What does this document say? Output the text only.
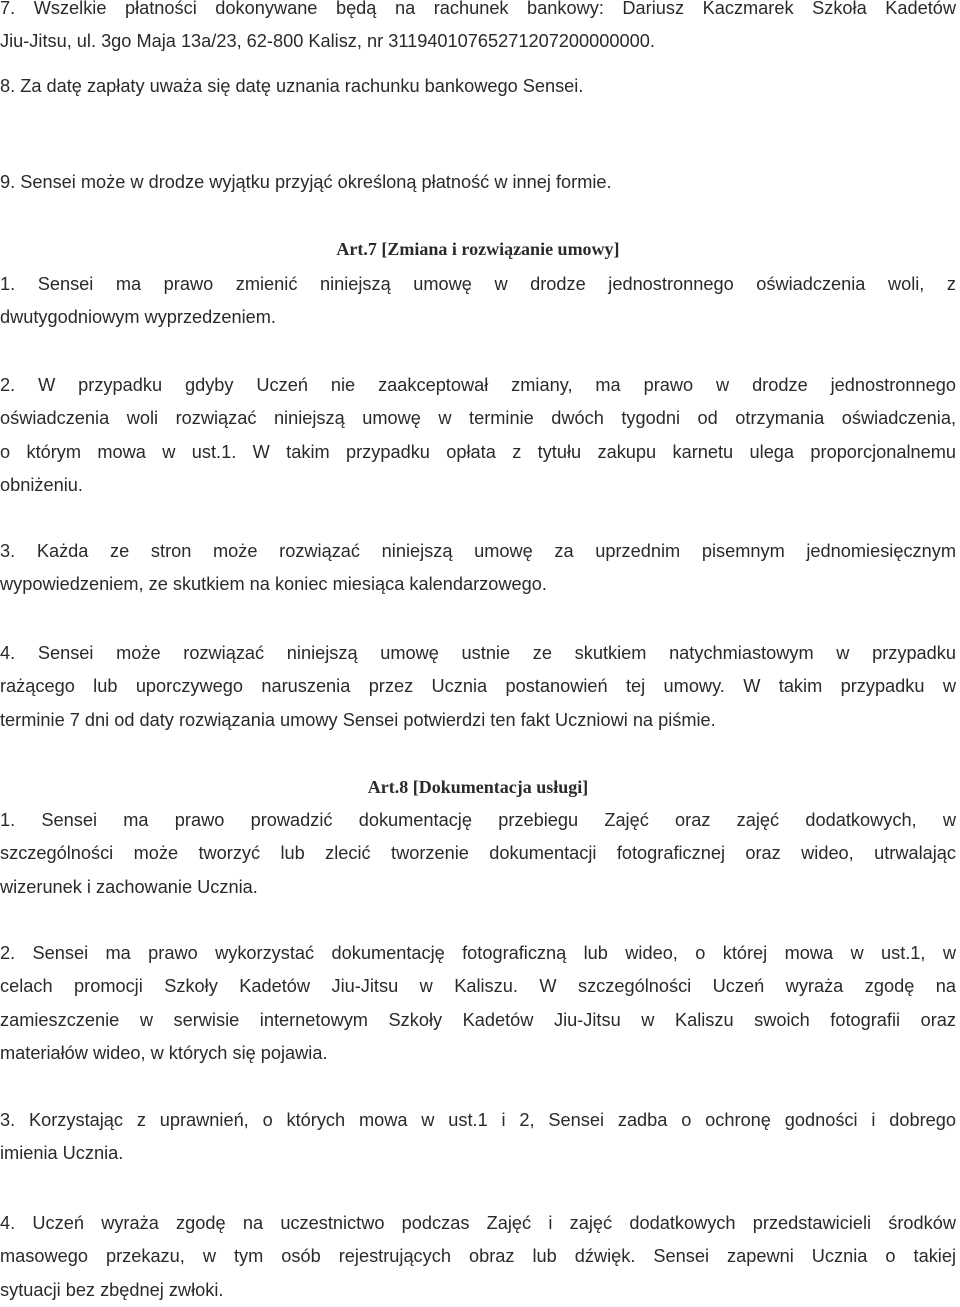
7. Wszelkie płatności dokonywane będą na rachunek bankowy: Dariusz Kaczmarek Szkoła Kadetów
Jiu-Jitsu, ul. 3go Maja 13a/23, 62-800 Kalisz, nr 31194010765271207200000000.
8. Za datę zapłaty uważa się datę uznania rachunku bankowego Sensei.
9. Sensei może w drodze wyjątku przyjąć określoną płatność w innej formie.
Art.7 [Zmiana i rozwiązanie umowy]
1. Sensei ma prawo zmienić niniejszą umowę w drodze jednostronnego oświadczenia woli, z
dwutygodniowym wyprzedzeniem.
2. W przypadku gdyby Uczeń nie zaakceptował zmiany, ma prawo w drodze jednostronnego
oświadczenia woli rozwiązać niniejszą umowę w terminie dwóch tygodni od otrzymania oświadczenia,
o którym mowa w ust.1. W takim przypadku opłata z tytułu zakupu karnetu ulega proporcjonalnemu
obniżeniu.
3. Każda ze stron może rozwiązać niniejszą umowę za uprzednim pisemnym jednomiesięcznym
wypowiedzeniem, ze skutkiem na koniec miesiąca kalendarzowego.
4. Sensei może rozwiązać niniejszą umowę ustnie ze skutkiem natychmiastowym w przypadku
rażącego lub uporczywego naruszenia przez Ucznia postanowień tej umowy. W takim przypadku w
terminie 7 dni od daty rozwiązania umowy Sensei potwierdzi ten fakt Uczniowi na piśmie.
Art.8 [Dokumentacja usługi]
1. Sensei ma prawo prowadzić dokumentację przebiegu Zajęć oraz zajęć dodatkowych, w
szczególności może tworzyć lub zlecić tworzenie dokumentacji fotograficznej oraz wideo, utrwalając
wizerunek i zachowanie Ucznia.
2. Sensei ma prawo wykorzystać dokumentację fotograficzną lub wideo, o której mowa w ust.1, w
celach promocji Szkoły Kadetów Jiu-Jitsu w Kaliszu. W szczególności Uczeń wyraża zgodę na
zamieszczenie w serwisie internetowym Szkoły Kadetów Jiu-Jitsu w Kaliszu swoich fotografii oraz
materiałów wideo, w których się pojawia.
3. Korzystając z uprawnień, o których mowa w ust.1 i 2, Sensei zadba o ochronę godności i dobrego
imienia Ucznia.
4. Uczeń wyraża zgodę na uczestnictwo podczas Zajęć i zajęć dodatkowych przedstawicieli środków
masowego przekazu, w tym osób rejestrujących obraz lub dźwięk. Sensei zapewni Ucznia o takiej
sytuacji bez zbędnej zwłoki.
